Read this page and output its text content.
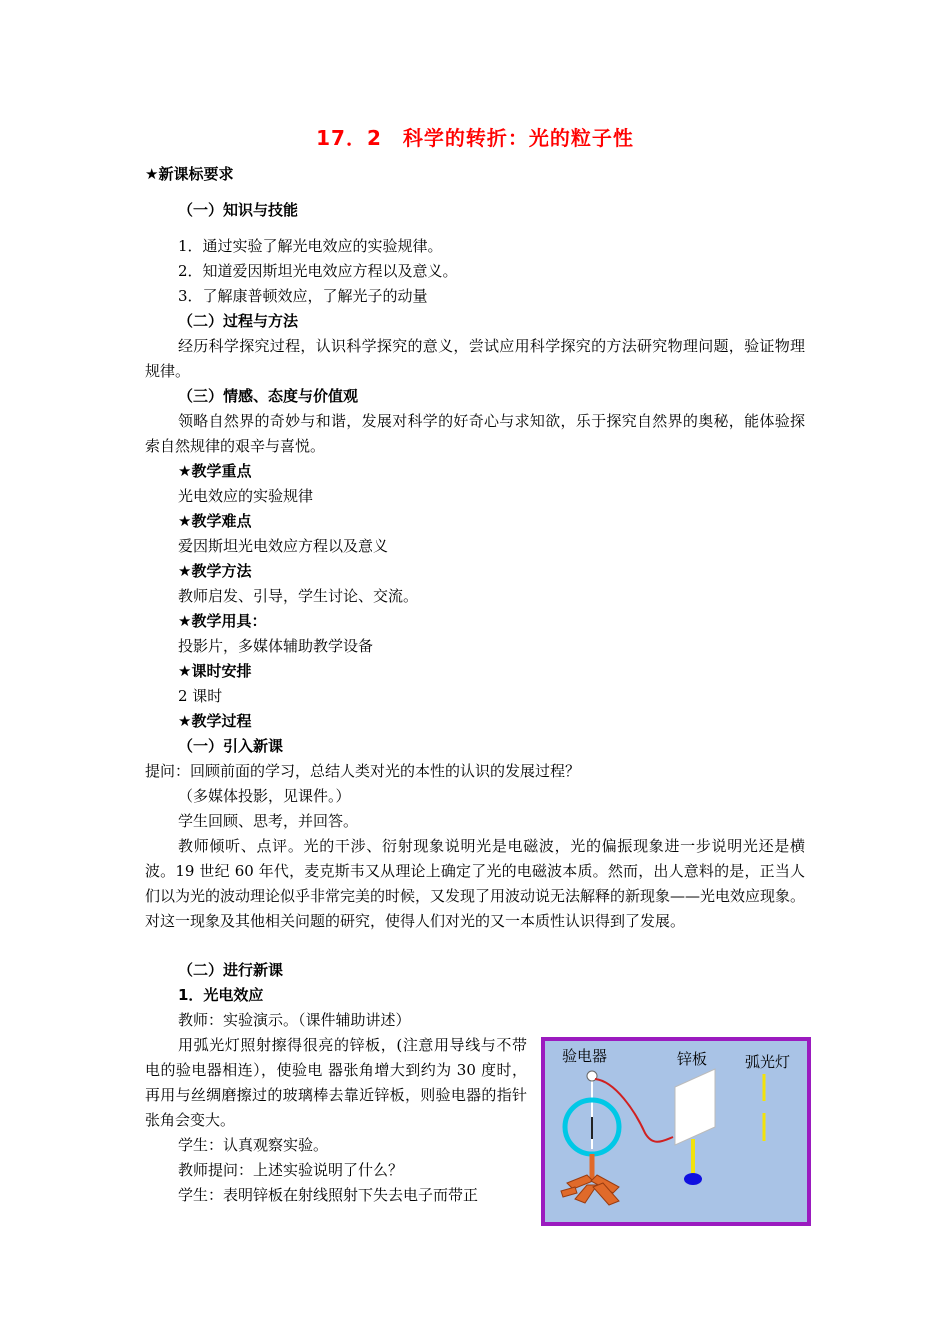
17．2　科学的转折：光的粒子性
★新课标要求
（一）知识与技能
1．通过实验了解光电效应的实验规律。
2．知道爱因斯坦光电效应方程以及意义。
3．了解康普顿效应，了解光子的动量
（二）过程与方法
经历科学探究过程，认识科学探究的意义，尝试应用科学探究的方法研究物理问题，验证物理规律。
（三）情感、态度与价值观
领略自然界的奇妙与和谐，发展对科学的好奇心与求知欲，乐于探究自然界的奥秘，能体验探索自然规律的艰辛与喜悦。
★教学重点
光电效应的实验规律
★教学难点
爱因斯坦光电效应方程以及意义
★教学方法
教师启发、引导，学生讨论、交流。
★教学用具：
投影片，多媒体辅助教学设备
★课时安排
2 课时
★教学过程
（一）引入新课
提问：回顾前面的学习，总结人类对光的本性的认识的发展过程？
（多媒体投影，见课件。）
学生回顾、思考，并回答。
教师倾听、点评。光的干涉、衍射现象说明光是电磁波，光的偏振现象进一步说明光还是横波。19 世纪 60 年代，麦克斯韦又从理论上确定了光的电磁波本质。然而，出人意料的是，正当人们以为光的波动理论似乎非常完美的时候，又发现了用波动说无法解释的新现象——光电效应现象。对这一现象及其他相关问题的研究，使得人们对光的又一本质性认识得到了发展。
（二）进行新课
1．光电效应
教师：实验演示。（课件辅助讲述）
用弧光灯照射擦得很亮的锌板，(注意用导线与不带电的验电器相连），使验电 器张角增大到约为 30 度时，再用与丝绸磨擦过的玻璃棒去靠近锌板，则验电器的指针张角会变大。
学生：认真观察实验。
教师提问：上述实验说明了什么？
学生：表明锌板在射线照射下失去电子而带正
验电器	锌板	弧光灯
